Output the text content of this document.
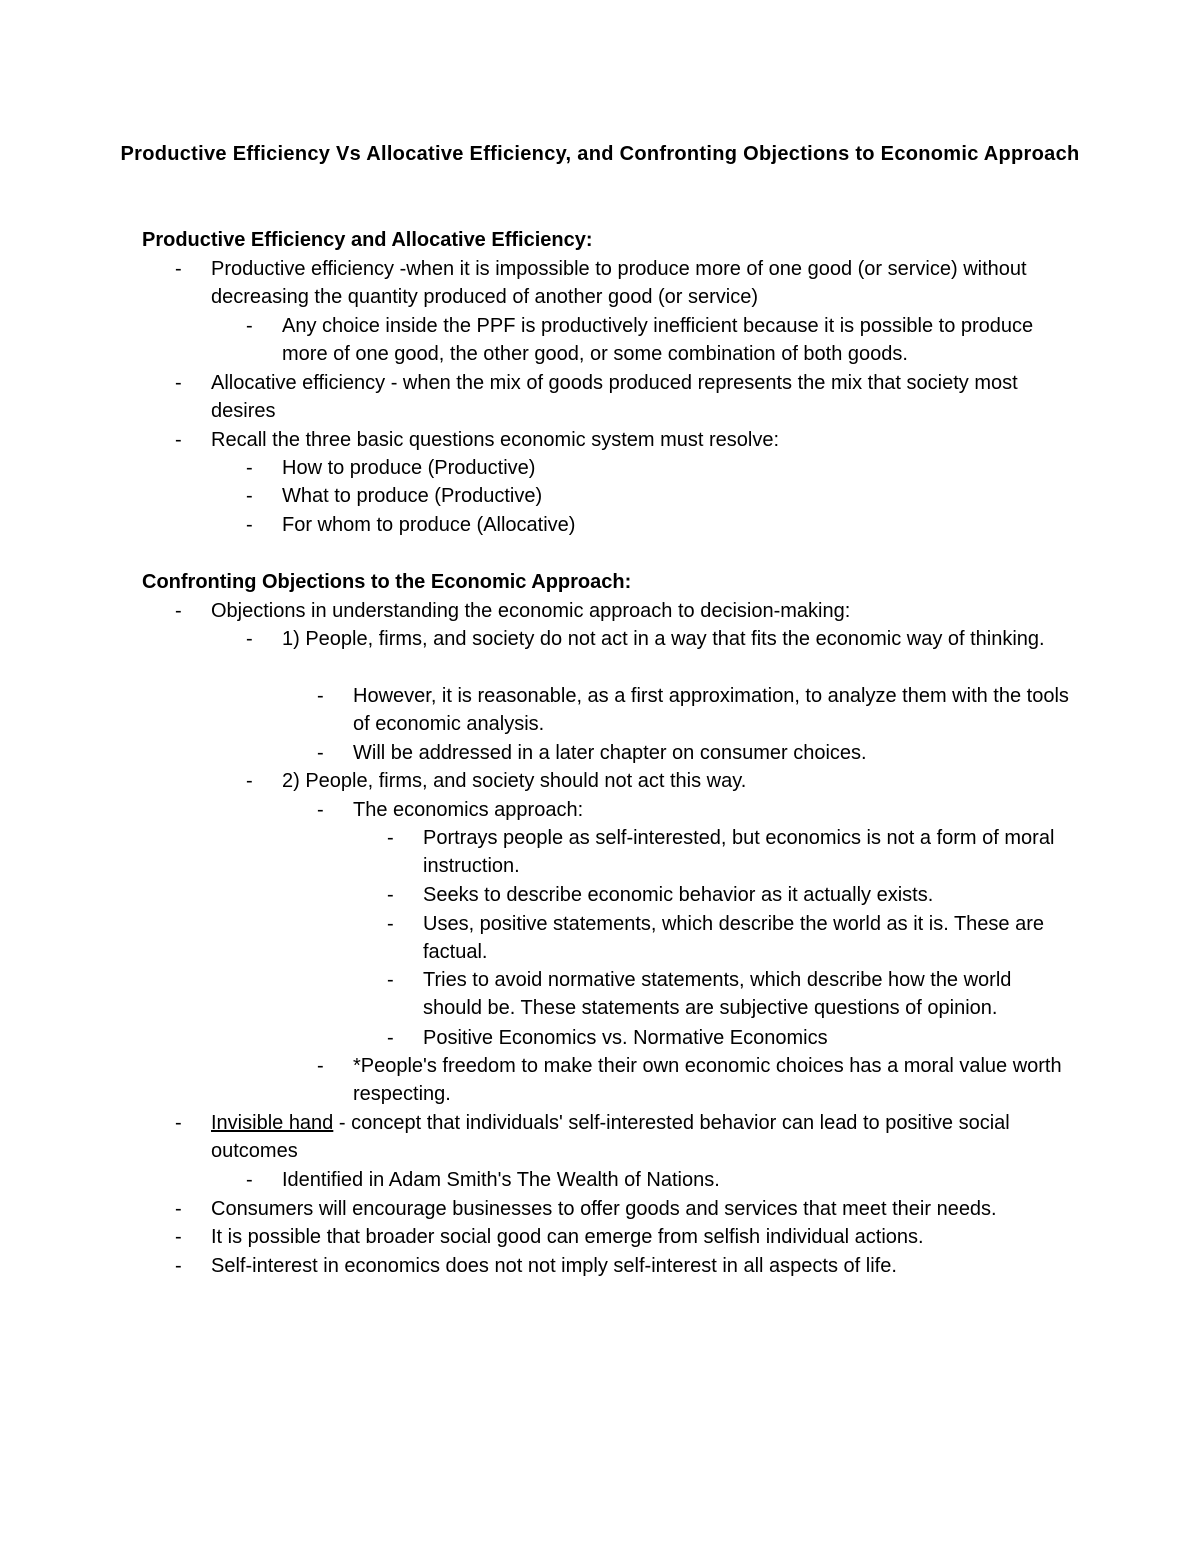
Productive Efficiency Vs Allocative Efficiency, and Confronting Objections to Economic Approach

Productive Efficiency and Allocative Efficiency:

- Productive efficiency -when it is impossible to produce more of one good (or service) without decreasing the quantity produced of another good (or service)

- Any choice inside the PPF is productively inefficient because it is possible to produce more of one good, the other good, or some combination of both goods.

- Allocative efficiency - when the mix of goods produced represents the mix that society most desires

- Recall the three basic questions economic system must resolve:

- How to produce (Productive)

- What to produce (Productive)

- For whom to produce (Allocative)

Confronting Objections to the Economic Approach:

- Objections in understanding the economic approach to decision-making:

- 1) People, firms, and society do not act in a way that fits the economic way of thinking.

- However, it is reasonable, as a first approximation, to analyze them with the tools of economic analysis.

- Will be addressed in a later chapter on consumer choices.

- 2) People, firms, and society should not act this way.

- The economics approach:

- Portrays people as self-interested, but economics is not a form of moral instruction.

- Seeks to describe economic behavior as it actually exists.

- Uses, positive statements, which describe the world as it is. These are factual.

- Tries to avoid normative statements, which describe how the world should be. These statements are subjective questions of opinion.

- Positive Economics vs. Normative Economics

- *People's freedom to make their own economic choices has a moral value worth respecting.

- Invisible hand - concept that individuals' self-interested behavior can lead to positive social outcomes

- Identified in Adam Smith's The Wealth of Nations.

- Consumers will encourage businesses to offer goods and services that meet their needs.

- It is possible that broader social good can emerge from selfish individual actions.

- Self-interest in economics does not not imply self-interest in all aspects of life.
